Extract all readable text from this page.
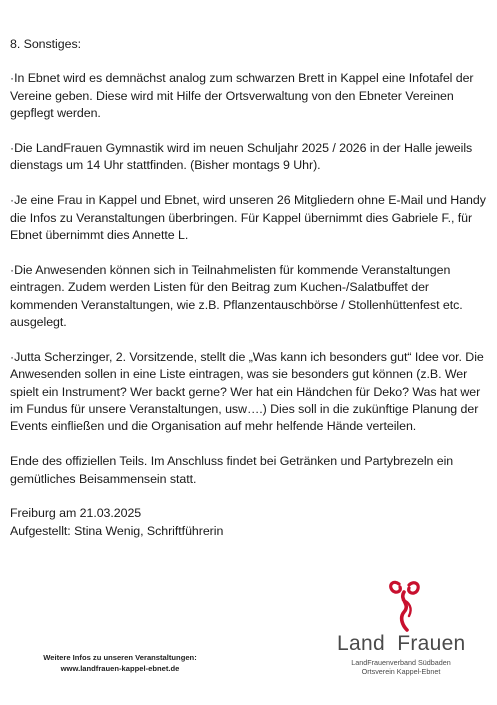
8. Sonstiges:

·In Ebnet wird es demnächst analog zum schwarzen Brett in Kappel eine Infotafel der Vereine geben. Diese wird mit Hilfe der Ortsverwaltung von den Ebneter Vereinen gepflegt werden.

·Die LandFrauen Gymnastik wird im neuen Schuljahr 2025 / 2026 in der Halle jeweils dienstags um 14 Uhr stattfinden. (Bisher montags 9 Uhr).

·Je eine Frau in Kappel und Ebnet, wird unseren 26 Mitgliedern ohne E-Mail und Handy die Infos zu Veranstaltungen überbringen. Für Kappel übernimmt dies Gabriele F., für Ebnet übernimmt dies Annette L.

·Die Anwesenden können sich in Teilnahmelisten für kommende Veranstaltungen eintragen. Zudem werden Listen für den Beitrag zum Kuchen-/Salatbuffet der kommenden Veranstaltungen, wie z.B. Pflanzentauschbörse / Stollenhüttenfest etc. ausgelegt.

·Jutta Scherzinger, 2. Vorsitzende, stellt die „Was kann ich besonders gut“ Idee vor. Die Anwesenden sollen in eine Liste eintragen, was sie besonders gut können (z.B. Wer spielt ein Instrument? Wer backt gerne? Wer hat ein Händchen für Deko? Was hat wer im Fundus für unsere Veranstaltungen, usw….) Dies soll in die zukünftige Planung der Events einfließen und die Organisation auf mehr helfende Hände verteilen.

Ende des offiziellen Teils. Im Anschluss findet bei Getränken und Partybrezeln ein gemütliches Beisammensein statt.

Freiburg am 21.03.2025

Aufgestellt: Stina Wenig, Schriftführerin

Weitere Infos zu unseren Veranstaltungen:
www.landfrauen-kappel-ebnet.de
Land Frauen
LandFrauenverband Südbaden
Ortsverein Kappel-Ebnet
